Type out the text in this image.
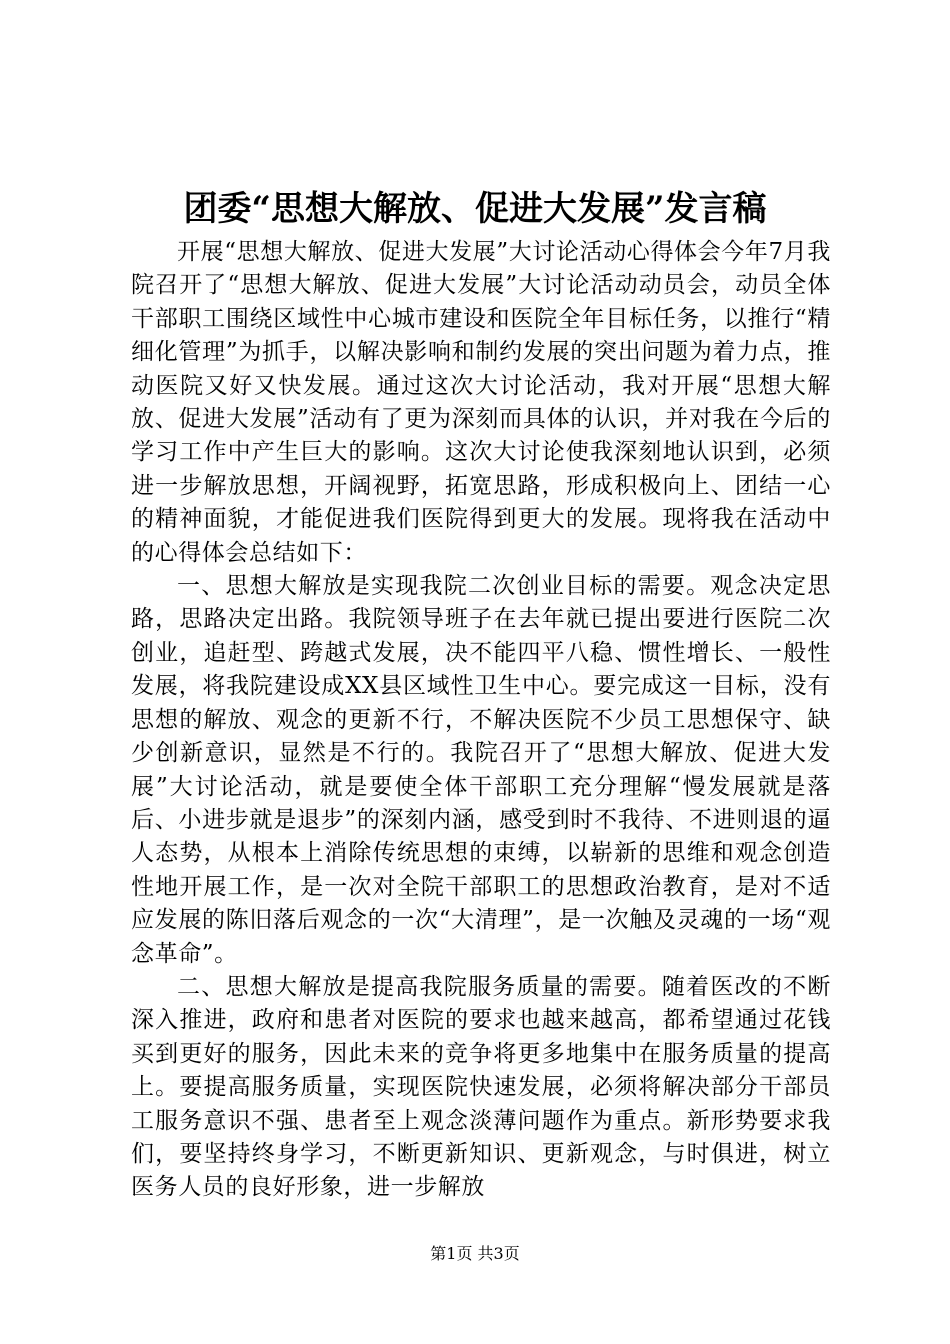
团委“思想大解放、促进大发展”发言稿

开展“思想大解放、促进大发展”大讨论活动心得体会今年7月我院召开了“思想大解放、促进大发展”大讨论活动动员会，动员全体干部职工围绕区域性中心城市建设和医院全年目标任务，以推行“精细化管理”为抓手，以解决影响和制约发展的突出问题为着力点，推动医院又好又快发展。通过这次大讨论活动，我对开展“思想大解放、促进大发展”活动有了更为深刻而具体的认识，并对我在今后的学习工作中产生巨大的影响。这次大讨论使我深刻地认识到，必须进一步解放思想，开阔视野，拓宽思路，形成积极向上、团结一心的精神面貌，才能促进我们医院得到更大的发展。现将我在活动中的心得体会总结如下：

一、思想大解放是实现我院二次创业目标的需要。观念决定思路，思路决定出路。我院领导班子在去年就已提出要进行医院二次创业，追赶型、跨越式发展，决不能四平八稳、惯性增长、一般性发展，将我院建设成XX县区域性卫生中心。要完成这一目标，没有思想的解放、观念的更新不行，不解决医院不少员工思想保守、缺少创新意识，显然是不行的。我院召开了“思想大解放、促进大发展”大讨论活动，就是要使全体干部职工充分理解“慢发展就是落后、小进步就是退步”的深刻内涵，感受到时不我待、不进则退的逼人态势，从根本上消除传统思想的束缚，以崭新的思维和观念创造性地开展工作，是一次对全院干部职工的思想政治教育，是对不适应发展的陈旧落后观念的一次“大清理”，是一次触及灵魂的一场“观念革命”。

二、思想大解放是提高我院服务质量的需要。随着医改的不断深入推进，政府和患者对医院的要求也越来越高，都希望通过花钱买到更好的服务，因此未来的竞争将更多地集中在服务质量的提高上。要提高服务质量，实现医院快速发展，必须将解决部分干部员工服务意识不强、患者至上观念淡薄问题作为重点。新形势要求我们，要坚持终身学习，不断更新知识、更新观念，与时俱进，树立医务人员的良好形象，进一步解放

第1页 共3页
